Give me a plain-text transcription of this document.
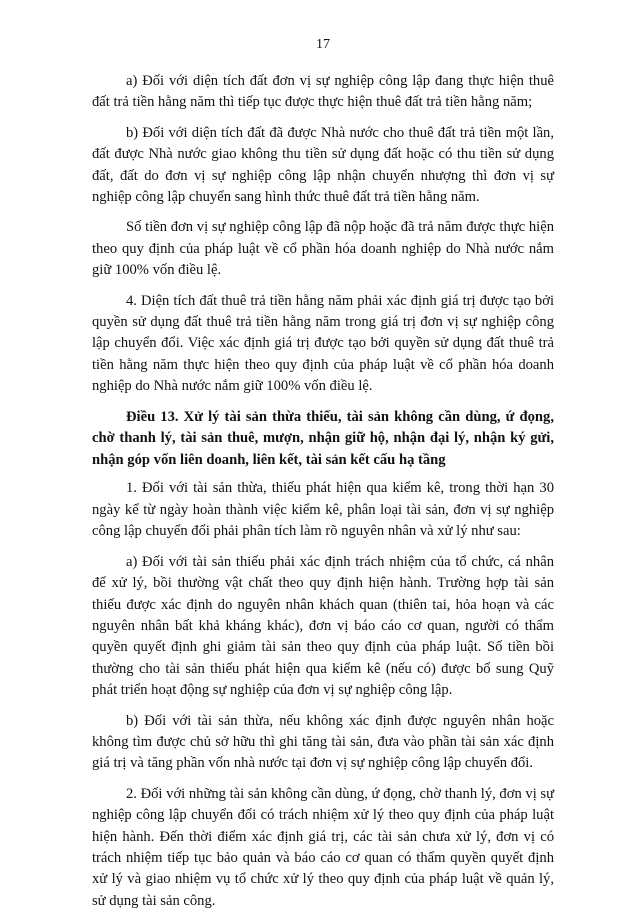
17

a) Đối với diện tích đất đơn vị sự nghiệp công lập đang thực hiện thuê đất trả tiền hằng năm thì tiếp tục được thực hiện thuê đất trả tiền hằng năm;

b) Đối với diện tích đất đã được Nhà nước cho thuê đất trả tiền một lần, đất được Nhà nước giao không thu tiền sử dụng đất hoặc có thu tiền sử dụng đất, đất do đơn vị sự nghiệp công lập nhận chuyển nhượng thì đơn vị sự nghiệp công lập chuyển sang hình thức thuê đất trả tiền hằng năm.

Số tiền đơn vị sự nghiệp công lập đã nộp hoặc đã trả năm được thực hiện theo quy định của pháp luật về cổ phần hóa doanh nghiệp do Nhà nước nắm giữ 100% vốn điều lệ.

4. Diện tích đất thuê trả tiền hằng năm phải xác định giá trị được tạo bởi quyền sử dụng đất thuê trả tiền hằng năm trong giá trị đơn vị sự nghiệp công lập chuyển đổi. Việc xác định giá trị được tạo bởi quyền sử dụng đất thuê trả tiền hằng năm thực hiện theo quy định của pháp luật về cổ phần hóa doanh nghiệp do Nhà nước nắm giữ 100% vốn điều lệ.

Điều 13. Xử lý tài sản thừa thiếu, tài sản không cần dùng, ứ đọng, chờ thanh lý, tài sản thuê, mượn, nhận giữ hộ, nhận đại lý, nhận ký gửi, nhận góp vốn liên doanh, liên kết, tài sản kết cấu hạ tầng

1. Đối với tài sản thừa, thiếu phát hiện qua kiểm kê, trong thời hạn 30 ngày kể từ ngày hoàn thành việc kiểm kê, phân loại tài sản, đơn vị sự nghiệp công lập chuyển đổi phải phân tích làm rõ nguyên nhân và xử lý như sau:

a) Đối với tài sản thiếu phải xác định trách nhiệm của tổ chức, cá nhân để xử lý, bồi thường vật chất theo quy định hiện hành. Trường hợp tài sản thiếu được xác định do nguyên nhân khách quan (thiên tai, hỏa hoạn và các nguyên nhân bất khả kháng khác), đơn vị báo cáo cơ quan, người có thẩm quyền quyết định ghi giảm tài sản theo quy định của pháp luật. Số tiền bồi thường cho tài sản thiếu phát hiện qua kiểm kê (nếu có) được bổ sung Quỹ phát triển hoạt động sự nghiệp của đơn vị sự nghiệp công lập.

b) Đối với tài sản thừa, nếu không xác định được nguyên nhân hoặc không tìm được chủ sở hữu thì ghi tăng tài sản, đưa vào phần tài sản xác định giá trị và tăng phần vốn nhà nước tại đơn vị sự nghiệp công lập chuyển đổi.

2. Đối với những tài sản không cần dùng, ứ đọng, chờ thanh lý, đơn vị sự nghiệp công lập chuyển đổi có trách nhiệm xử lý theo quy định của pháp luật hiện hành. Đến thời điểm xác định giá trị, các tài sản chưa xử lý, đơn vị có trách nhiệm tiếp tục bảo quản và báo cáo cơ quan có thẩm quyền quyết định xử lý và giao nhiệm vụ tổ chức xử lý theo quy định của pháp luật về quản lý, sử dụng tài sản công.
